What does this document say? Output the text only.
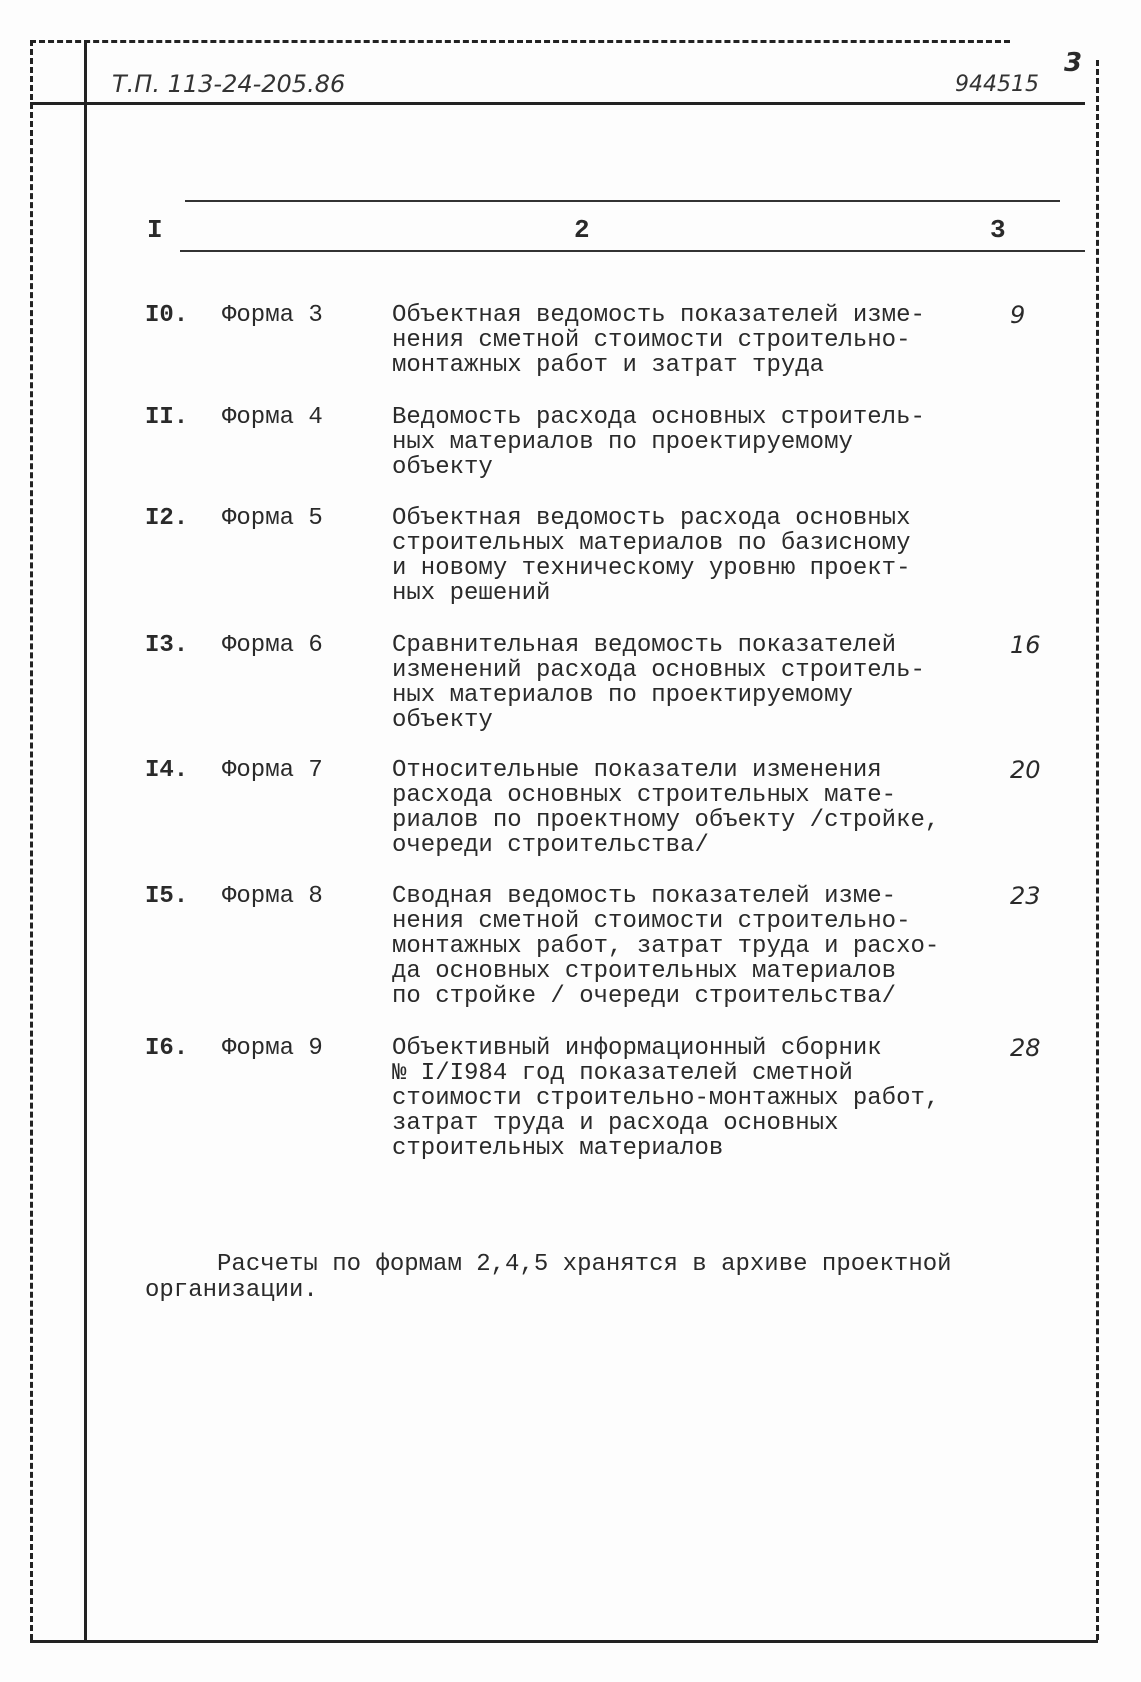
Т.П. 113-24-205.86	944515
3
I	2	3
I0. Форма 3	Объектная ведомость показателей изме-
нения сметной стоимости строительно-
монтажных работ и затрат труда
9
II. Форма 4	Ведомость расхода основных строитель-
ных материалов по проектируемому
объекту
I2. Форма 5	Объектная ведомость расхода основных
строительных материалов по базисному
и новому техническому уровню проект-
ных решений
I3. Форма 6	Сравнительная ведомость показателей
изменений расхода основных строитель-
ных материалов по проектируемому
объекту
16
I4. Форма 7	Относительные показатели изменения
расхода основных строительных мате-
риалов по проектному объекту /стройке,
очереди строительства/
20
I5. Форма 8	Сводная ведомость показателей изме-
нения сметной стоимости строительно-
монтажных работ, затрат труда и расхо-
да основных строительных материалов
по стройке / очереди строительства/
23
I6. Форма 9	Объективный информационный сборник
№ I/I984 год показателей сметной
стоимости строительно-монтажных работ,
затрат труда и расхода основных
строительных материалов
28
Расчеты по формам 2,4,5 хранятся в архиве проектной
организации.
